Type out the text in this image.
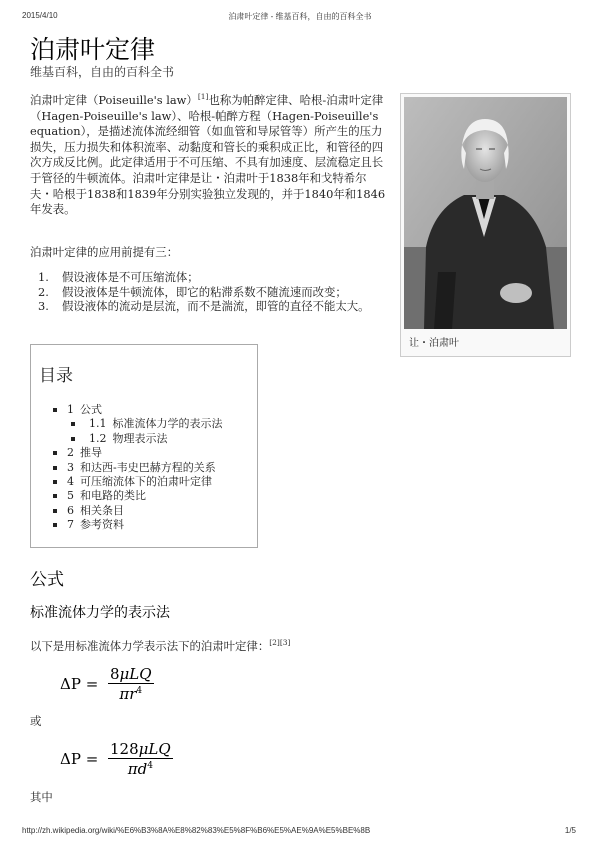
2015/4/10	泊肃叶定律 - 维基百科，自由的百科全书
泊肃叶定律
维基百科，自由的百科全书

泊肃叶定律（Poiseuille's law）[1]也称为帕醉定律、哈根-泊肃叶定律（Hagen-Poiseuille's law）、哈根-帕醉方程（Hagen-Poiseuille's equation），是描述流体流经细管（如血管和导尿管等）所产生的压力损失，压力损失和体积流率、动黏度和管长的乘积成正比，和管径的四次方成反比例。此定律适用于不可压缩、不具有加速度、层流稳定且长于管径的牛顿流体。泊肃叶定律是让・泊肃叶于1838年和戈特希尔夫・哈根于1838和1839年分别实验独立发现的，并于1840年和1846年发表。

泊肃叶定律的应用前提有三：

1. 假设液体是不可压缩流体；
2. 假设液体是牛顿流体，即它的粘滞系数不随流速而改变；
3. 假设液体的流动是层流，而不是湍流，即管的直径不能太大。
让・泊肃叶
目录
1 公式
1.1 标准流体力学的表示法
1.2 物理表示法
2 推导
3 和达西-韦史巴赫方程的关系
4 可压缩流体下的泊肃叶定律
5 和电路的类比
6 相关条目
7 参考资料
公式
标准流体力学的表示法

以下是用标准流体力学表示法下的泊肃叶定律：[2][3]

ΔP =
8μLQ
$\pi r^4$
或
ΔP =
128μLQ
$\pi d^4$
其中
http://zh.wikipedia.org/wiki/%E6%B3%8A%E8%82%83%E5%8F%B6%E5%AE%9A%E5%BE%8B	1/5
